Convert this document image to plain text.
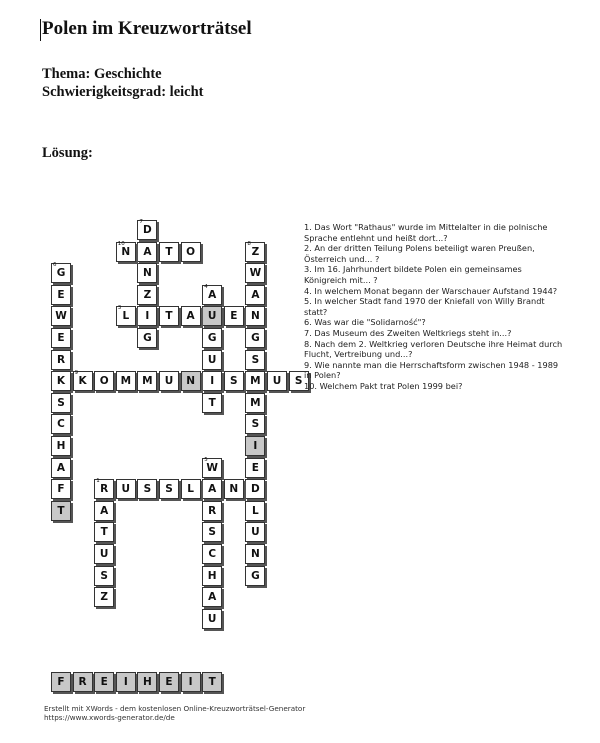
Polen im Kreuzworträtsel

Thema: Geschichte

Schwierigkeitsgrad: leicht

Lösung:

7
D
A
N
Z
I
G
10
N	T O
8
Z
W
A
N
G
S
M
M
S
I
E
D
L
U
N
G
6
G
E
W
E
R
K
S
C
H
A
F
T
4
A
U
G
U
I
T
3
L	T A	E
9
K O M M U N	S	U S
5
W
A
R
S
C
H
A
U
1
R U S S L	N
A
T
U
S
Z
F	R	E	I	H	E	I	T
1. Das Wort "Rathaus" wurde im Mittelalter in die polnische Sprache entlehnt und heißt dort...?
2. An der dritten Teilung Polens beteiligt waren Preußen, Österreich und... ?
3. Im 16. Jahrhundert bildete Polen ein gemeinsames Königreich mit... ?
4. In welchem Monat begann der Warschauer Aufstand 1944?
5. In welcher Stadt fand 1970 der Kniefall von Willy Brandt statt?
6. Was war die "Solidarność"?
7. Das Museum des Zweiten Weltkriegs steht in...?
8. Nach dem 2. Weltkrieg verloren Deutsche ihre Heimat durch Flucht, Vertreibung und...?
9. Wie nannte man die Herrschaftsform zwischen 1948 - 1989 in Polen?
10. Welchem Pakt trat Polen 1999 bei?
Erstellt mit XWords - dem kostenlosen Online-Kreuzworträtsel-Generator
https://www.xwords-generator.de/de
